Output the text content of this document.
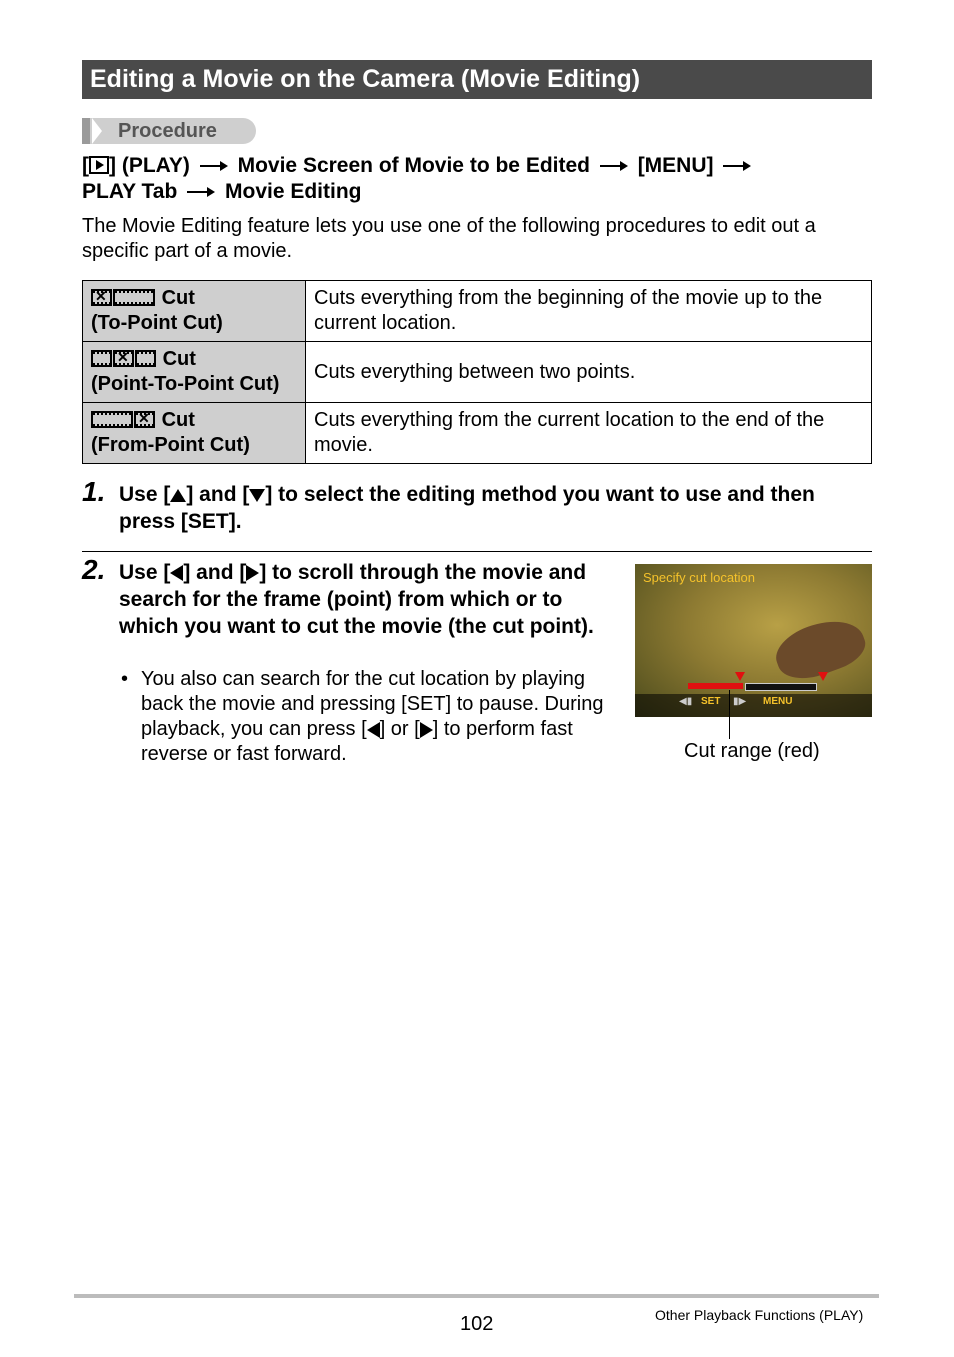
Editing a Movie on the Camera (Movie Editing)
Procedure
[ ] (PLAY) Movie Screen of Movie to be Edited [MENU]
PLAY Tab Movie Editing
The Movie Editing feature lets you use one of the following procedures to edit out a specific part of a movie.
✕ Cut
(To-Point Cut)	Cuts everything from the beginning of the movie up to the current location.
✕ Cut
(Point-To-Point Cut)	Cuts everything between two points.
✕ Cut
(From-Point Cut)	Cuts everything from the current location to the end of the movie.
1. Use [ ] and [ ] to select the editing method you want to use and then press [SET].
2. Use [ ] and [ ] to scroll through the movie and search for the frame (point) from which or to which you want to cut the movie (the cut point).
• You also can search for the cut location by playing back the movie and pressing [SET] to pause. During playback, you can press [ ] or [ ] to perform fast reverse or fast forward.
Specify cut location
◀▮ SET ▮▶ MENU
Cut range (red)
102	Other Playback Functions (PLAY)
